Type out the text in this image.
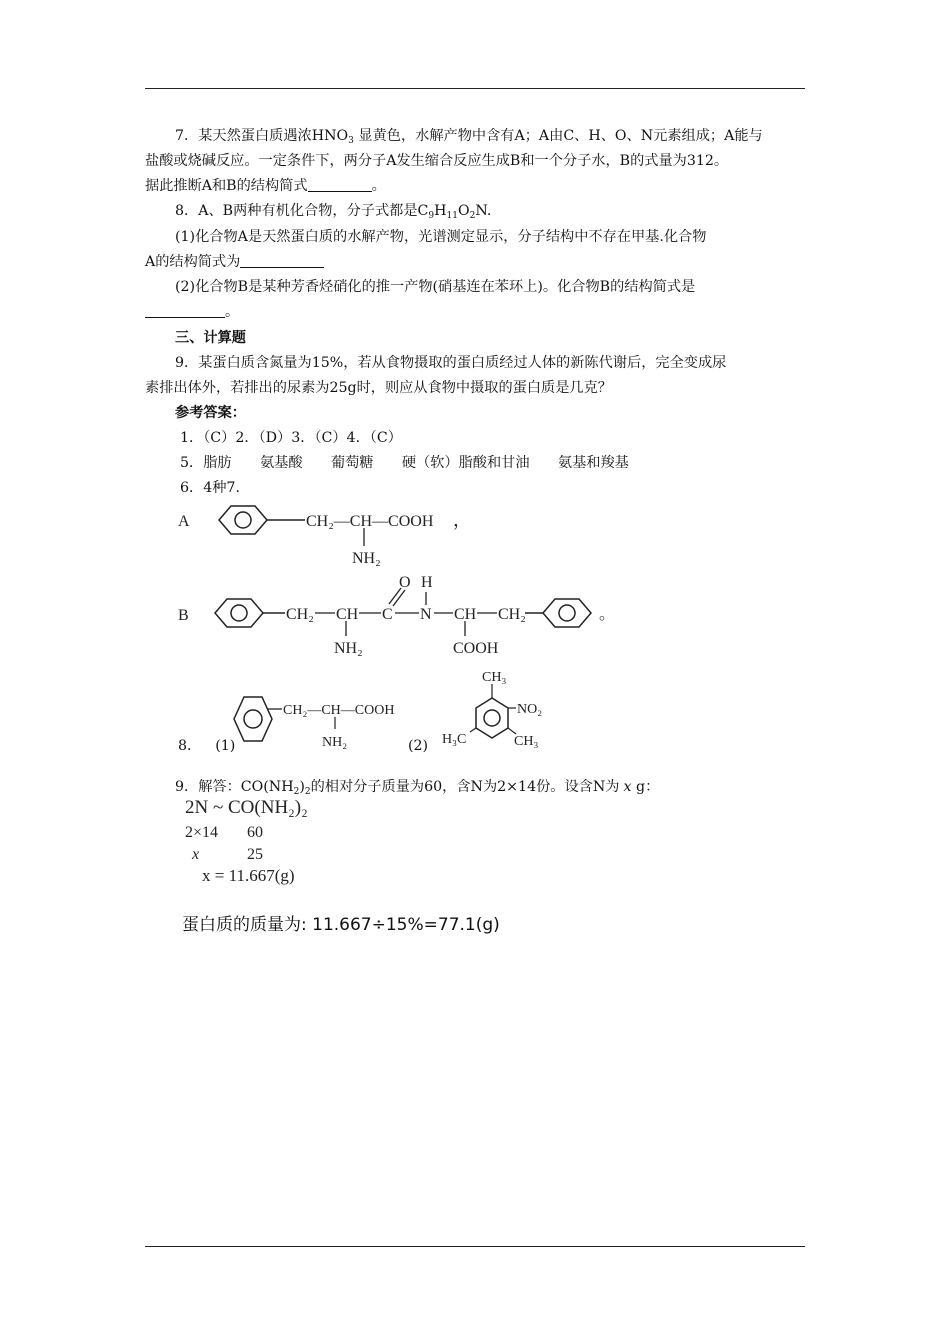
7．某天然蛋白质遇浓$HNO_3$ 显黄色，水解产物中含有A；A由C、H、O、N元素组成；A能与
盐酸或烧碱反应。一定条件下，两分子A发生缩合反应生成B和一个分子水，B的式量为312。
据此推断A和B的结构简式	。
8．A、B两种有机化合物，分子式都是$C_9H_{11}O_2N$.
(1)化合物A是天然蛋白质的水解产物，光谱测定显示，分子结构中不存在甲基.化合物
A的结构简式为
(2)化合物B是某种芳香烃硝化的推一产物(硝基连在苯环上)。化合物B的结构简式是
。
三、计算题
9．某蛋白质含氮量为15%，若从食物摄取的蛋白质经过人体的新陈代谢后，完全变成尿
素排出体外，若排出的尿素为25g时，则应从食物中摄取的蛋白质是几克？
参考答案：
1．（C）2．（D）3．（C）4．（C）
5．脂肪　　氨基酸　　葡萄糖　　硬（软）脂酸和甘油　　氨基和羧基
6．4种7.
A	CH₂—CH—COOH
NH₂
，
B	CH₂ CH
NH₂
C
O
N
H
CH
COOH
CH₂	。
8． (1)
CH₂—CH—COOH
NH₂	(2)
CH₃
NO₂
H₃C	CH₃
9．解答：$CO(NH_2)_2$的相对分子质量为60，含N为2×14份。设含N为 x g：
2N ~ CO(NH₂)₂
2×14 60
x	25
x = 11.667(g)
蛋白质的质量为: 11.667÷15%=77.1(g)
